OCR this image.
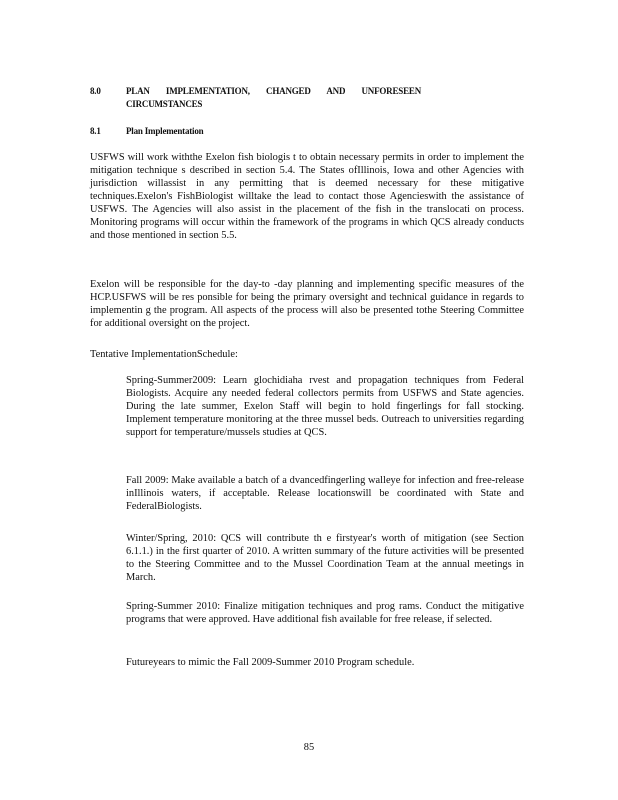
8.0	PLAN IMPLEMENTATION, CHANGED AND UNFORESEEN
CIRCUMSTANCES
8.1	Plan Implementation

USFWS will work withthe Exelon fish biologis t to obtain necessary permits in order to implement the mitigation technique s described in section 5.4. The States ofIllinois, Iowa and other Agencies with jurisdiction willassist in any permitting that is deemed necessary for these mitigative techniques.Exelon's FishBiologist willtake the lead to contact those Agencieswith the assistance of USFWS. The Agencies will also assist in the placement of the fish in the translocati on process. Monitoring programs will occur within the framework of the programs in which QCS already conducts and those mentioned in section 5.5.

Exelon will be responsible for the day-to -day planning and implementing specific measures of the HCP.USFWS will be res ponsible for being the primary oversight and technical guidance in regards to implementin g the program. All aspects of the process will also be presented tothe Steering Committee for additional oversight on the project.

Tentative ImplementationSchedule:

Spring-Summer2009: Learn glochidiaha rvest and propagation techniques from Federal Biologists. Acquire any needed federal collectors permits from USFWS and State agencies. During the late summer, Exelon Staff will begin to hold fingerlings for fall stocking. Implement temperature monitoring at the three mussel beds. Outreach to universities regarding support for temperature/mussels studies at QCS.
Fall 2009: Make available a batch of a dvancedfingerling walleye for infection and free-release inIllinois waters, if acceptable. Release locationswill be coordinated with State and FederalBiologists.
Winter/Spring, 2010: QCS will contribute th e firstyear's worth of mitigation (see Section 6.1.1.) in the first quarter of 2010. A written summary of the future activities will be presented to the Steering Committee and to the Mussel Coordination Team at the annual meetings in March.
Spring-Summer 2010: Finalize mitigation techniques and prog rams. Conduct the mitigative programs that were approved. Have additional fish available for free release, if selected.
Futureyears to mimic the Fall 2009-Summer 2010 Program schedule.
85
